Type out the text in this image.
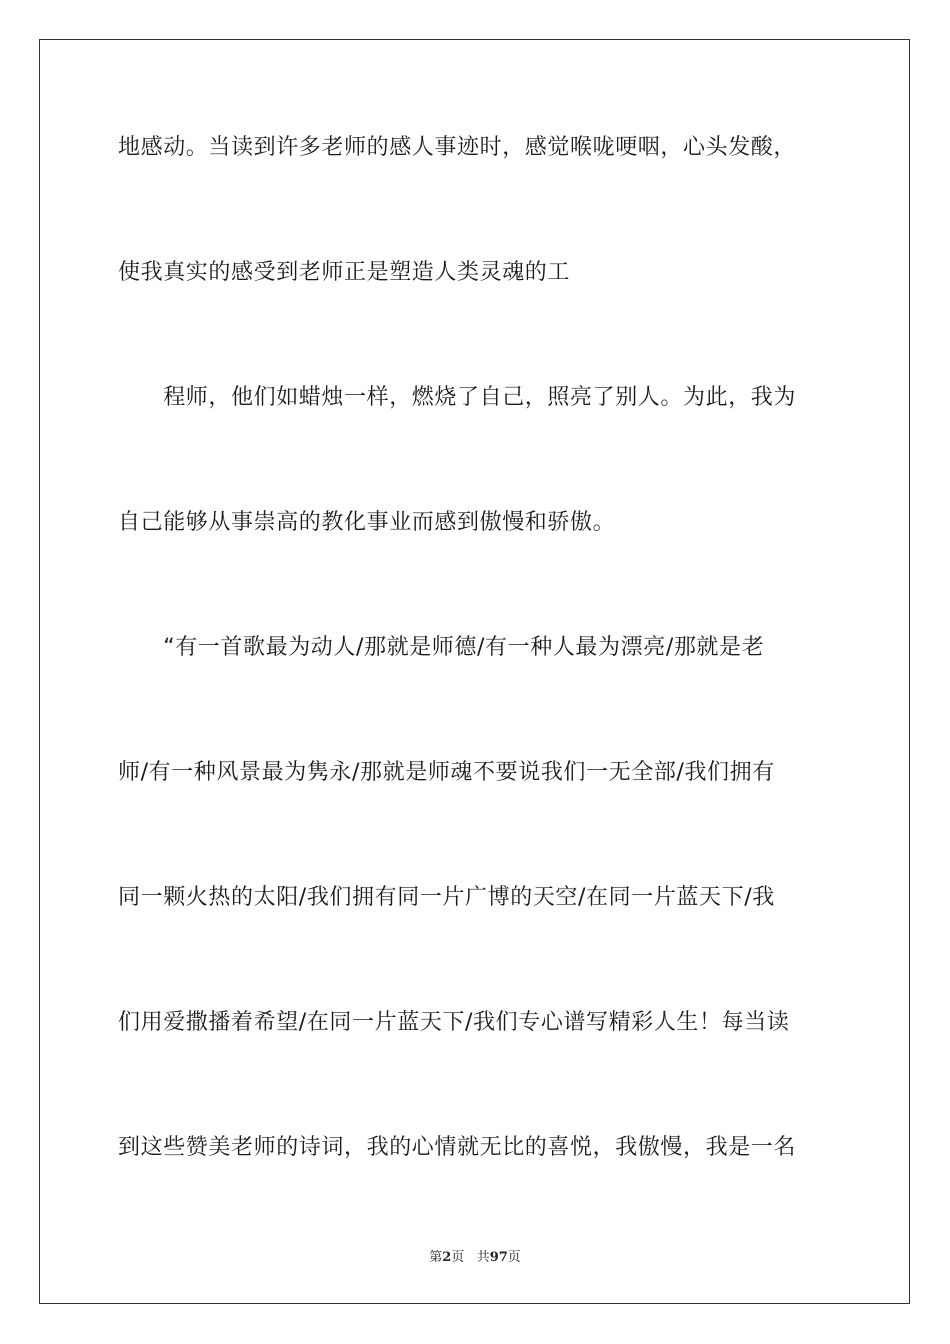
地感动。当读到许多老师的感人事迹时，感觉喉咙哽咽，心头发酸，
使我真实的感受到老师正是塑造人类灵魂的工
　　程师，他们如蜡烛一样，燃烧了自己，照亮了别人。为此，我为
自己能够从事崇高的教化事业而感到傲慢和骄傲。
　　“有一首歌最为动人/那就是师德/有一种人最为漂亮/那就是老
师/有一种风景最为隽永/那就是师魂不要说我们一无全部/我们拥有
同一颗火热的太阳/我们拥有同一片广博的天空/在同一片蓝天下/我
们用爱撒播着希望/在同一片蓝天下/我们专心谱写精彩人生！每当读
到这些赞美老师的诗词，我的心情就无比的喜悦，我傲慢，我是一名
第2页 共97页
